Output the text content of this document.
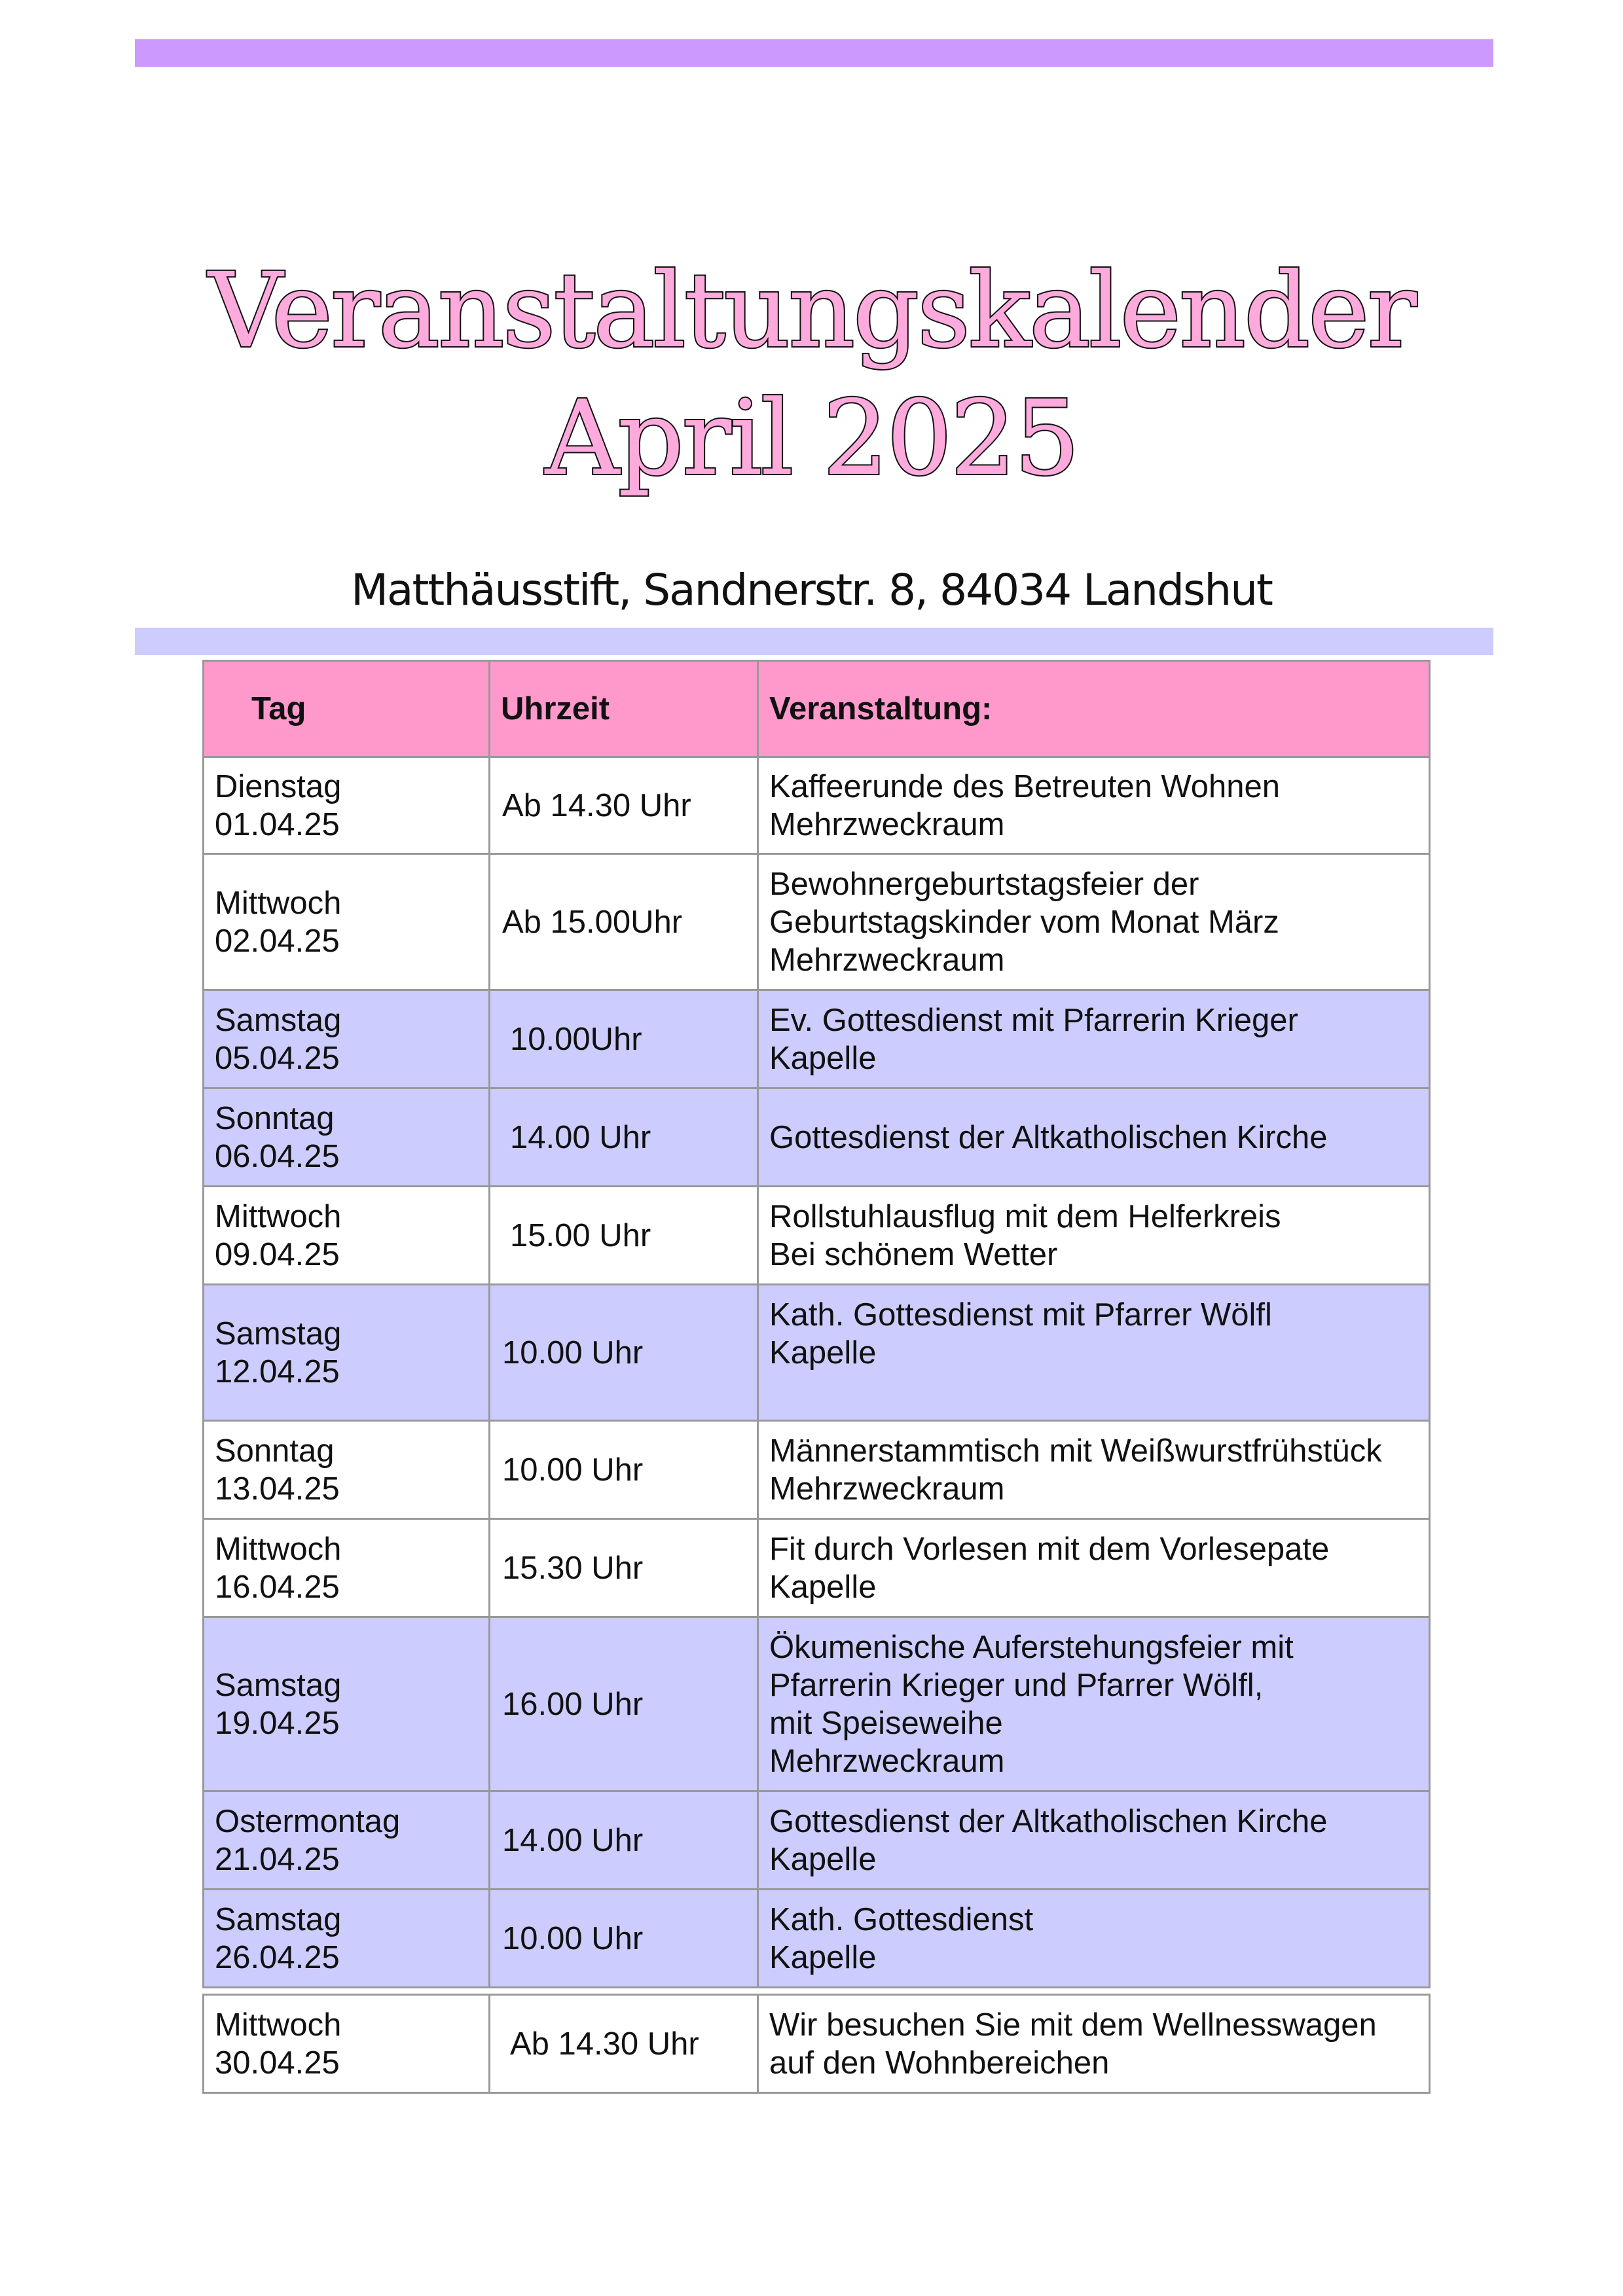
Veranstaltungskalender
April 2025
Matthäusstift, Sandnerstr. 8, 84034 Landshut
Tag	Uhrzeit	Veranstaltung:

Dienstag
01.04.25	Ab 14.30 Uhr	Kaffeerunde des Betreuten Wohnen
Mehrzweckraum

Mittwoch
02.04.25	Ab 15.00Uhr	Bewohnergeburtstagsfeier der
Geburtstagskinder vom Monat März
Mehrzweckraum

Samstag
05.04.25	10.00Uhr	Ev. Gottesdienst mit Pfarrerin Krieger
Kapelle

Sonntag
06.04.25	14.00 Uhr	Gottesdienst der Altkatholischen Kirche

Mittwoch
09.04.25	15.00 Uhr	Rollstuhlausflug mit dem Helferkreis
Bei schönem Wetter

Samstag
12.04.25	10.00 Uhr	Kath. Gottesdienst mit Pfarrer Wölfl
Kapelle

Sonntag
13.04.25	10.00 Uhr	Männerstammtisch mit Weißwurstfrühstück
Mehrzweckraum

Mittwoch
16.04.25	15.30 Uhr	Fit durch Vorlesen mit dem Vorlesepate
Kapelle

Samstag
19.04.25	16.00 Uhr	Ökumenische Auferstehungsfeier mit
Pfarrerin Krieger und Pfarrer Wölfl,
mit Speiseweihe
Mehrzweckraum

Ostermontag
21.04.25	14.00 Uhr	Gottesdienst der Altkatholischen Kirche
Kapelle

Samstag
26.04.25	10.00 Uhr	Kath. Gottesdienst
Kapelle

Mittwoch
30.04.25	Ab 14.30 Uhr	Wir besuchen Sie mit dem Wellnesswagen
auf den Wohnbereichen
